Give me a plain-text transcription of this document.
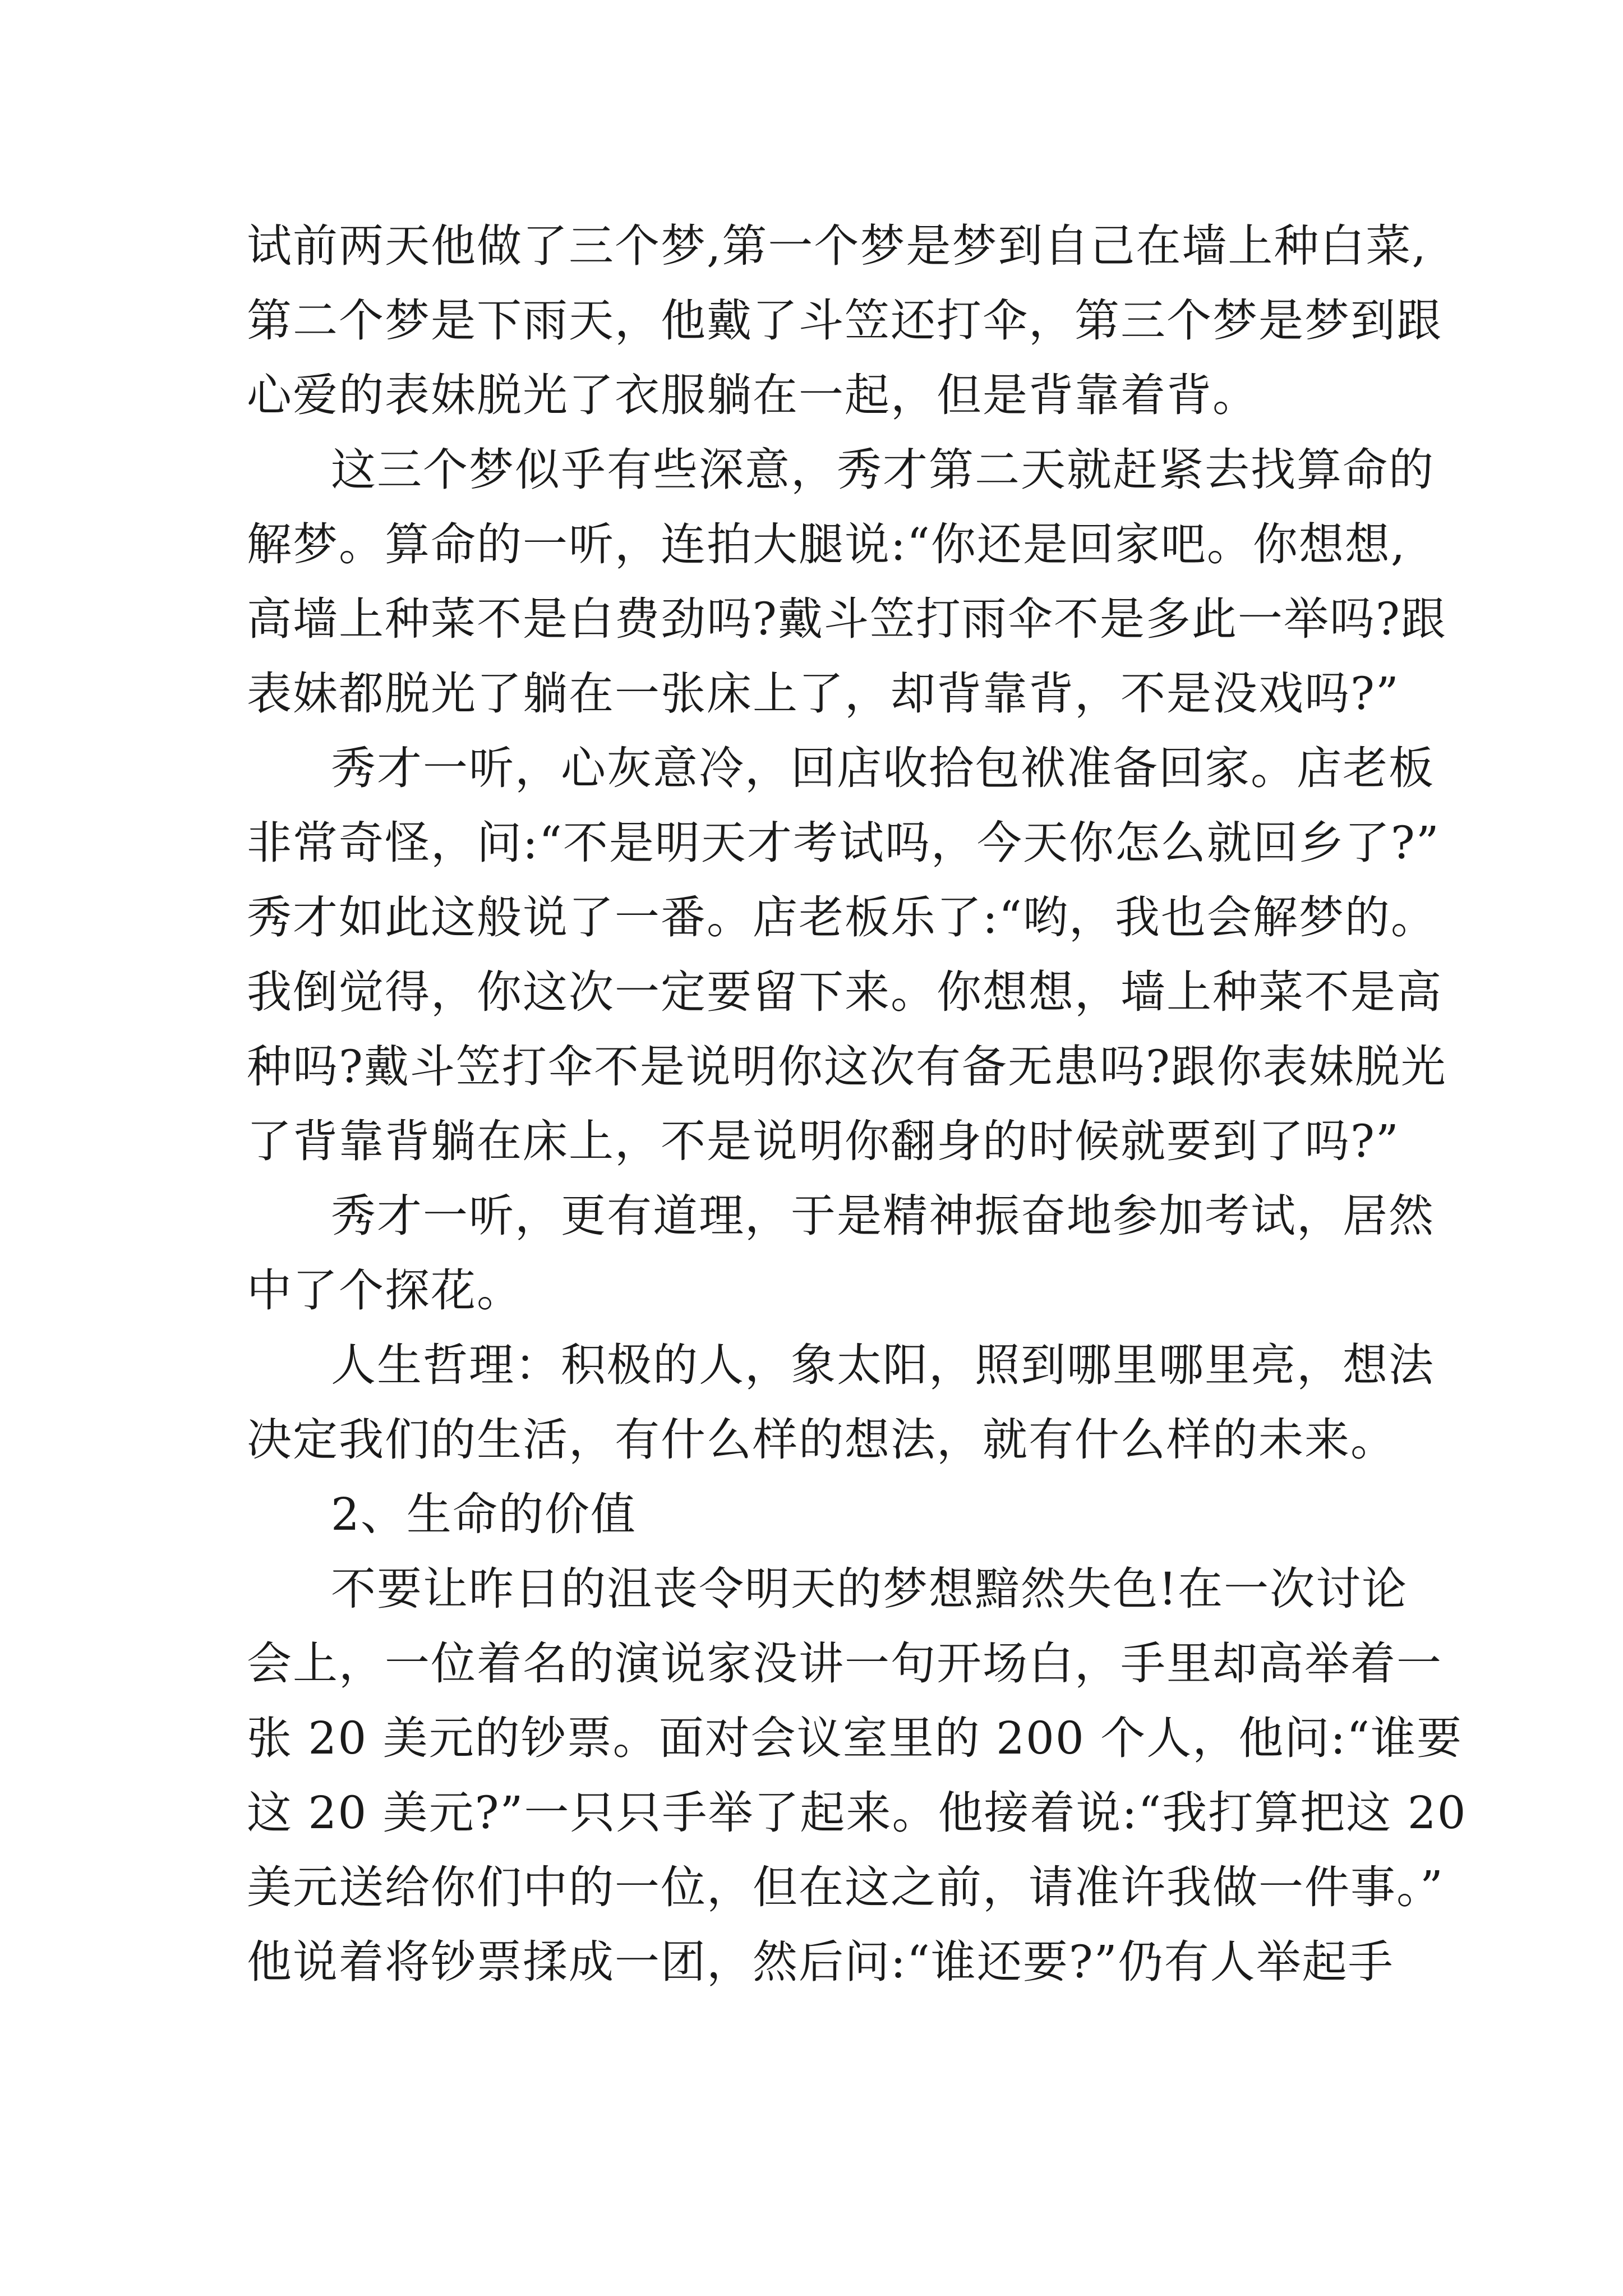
试前两天他做了三个梦,第一个梦是梦到自己在墙上种白菜,
第二个梦是下雨天，他戴了斗笠还打伞，第三个梦是梦到跟
心爱的表妹脱光了衣服躺在一起，但是背靠着背。
这三个梦似乎有些深意，秀才第二天就赶紧去找算命的
解梦。算命的一听，连拍大腿说:“你还是回家吧。你想想,
高墙上种菜不是白费劲吗?戴斗笠打雨伞不是多此一举吗?跟
表妹都脱光了躺在一张床上了，却背靠背，不是没戏吗?”
秀才一听，心灰意冷，回店收拾包袱准备回家。店老板
非常奇怪，问:“不是明天才考试吗，今天你怎么就回乡了?”
秀才如此这般说了一番。店老板乐了:“哟，我也会解梦的。
我倒觉得，你这次一定要留下来。你想想，墙上种菜不是高
种吗?戴斗笠打伞不是说明你这次有备无患吗?跟你表妹脱光
了背靠背躺在床上，不是说明你翻身的时候就要到了吗?”
秀才一听，更有道理，于是精神振奋地参加考试，居然
中了个探花。
人生哲理：积极的人，象太阳，照到哪里哪里亮，想法
决定我们的生活，有什么样的想法，就有什么样的未来。
2、生命的价值
不要让昨日的沮丧令明天的梦想黯然失色!在一次讨论
会上，一位着名的演说家没讲一句开场白，手里却高举着一
张 20 美元的钞票。面对会议室里的 200 个人，他问:“谁要
这 20 美元?”一只只手举了起来。他接着说:“我打算把这 20
美元送给你们中的一位，但在这之前，请准许我做一件事。”
他说着将钞票揉成一团，然后问:“谁还要?”仍有人举起手
